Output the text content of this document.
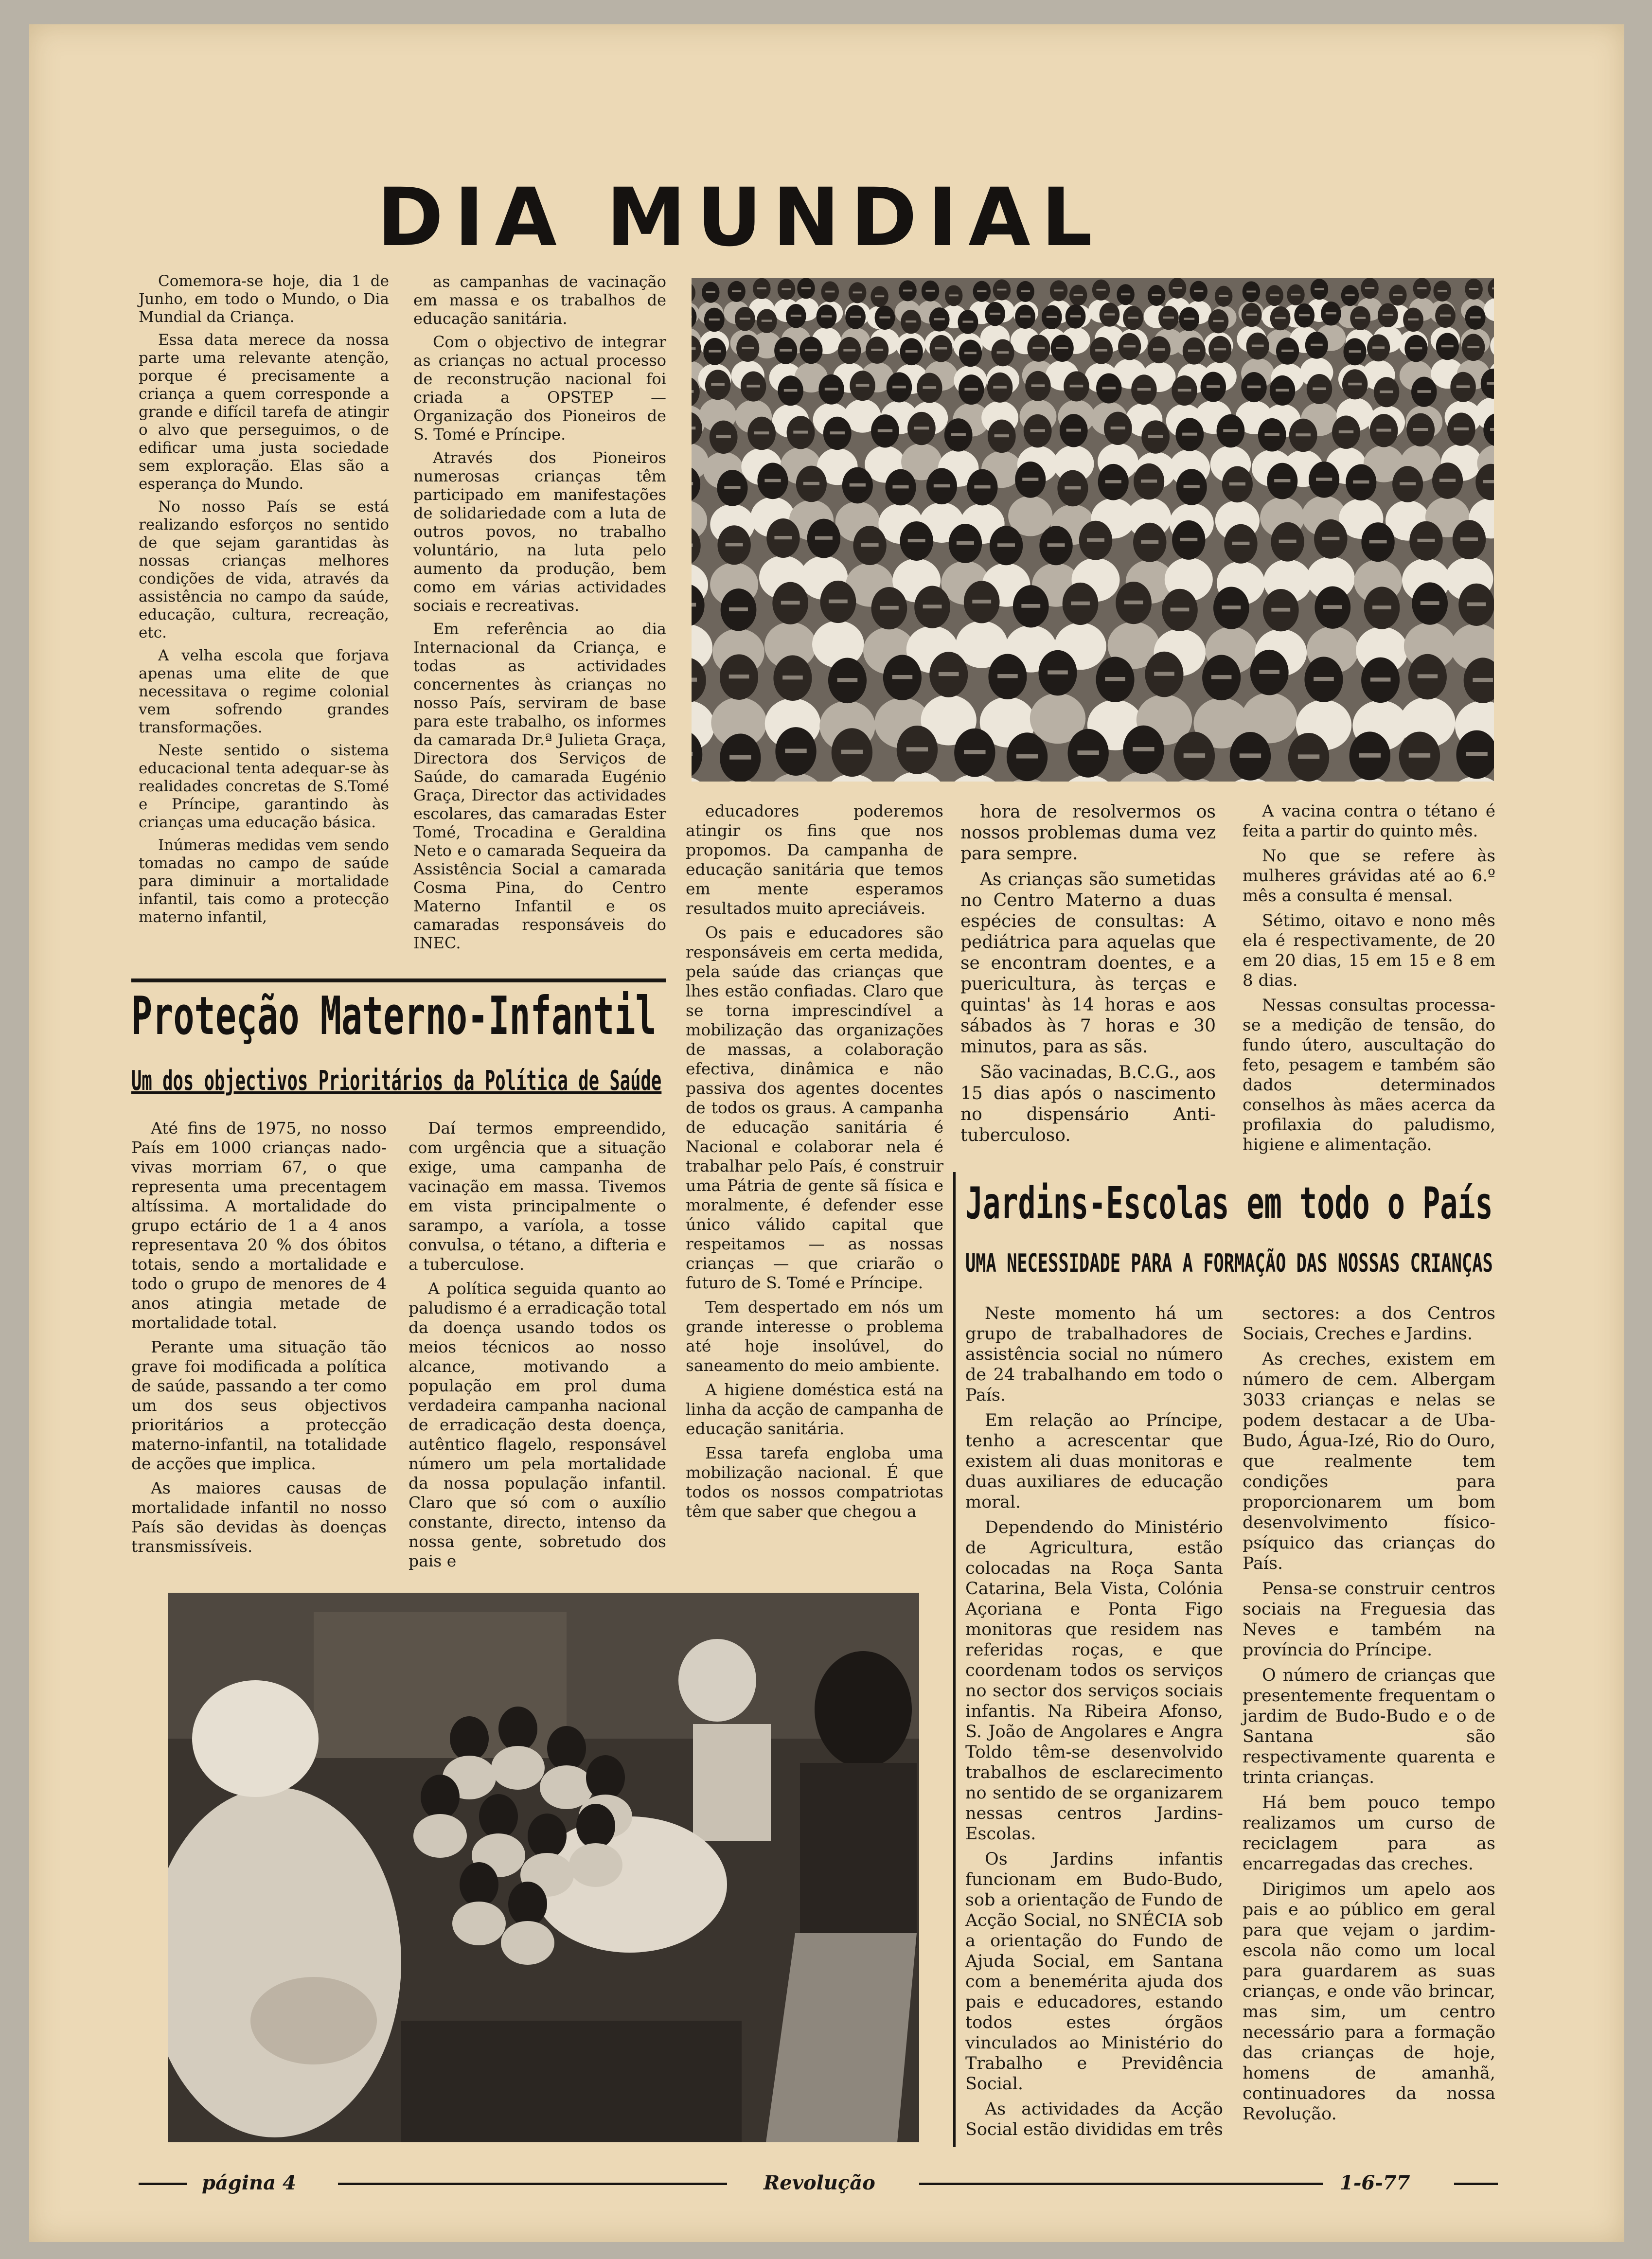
DIA MUNDIAL

Comemora-se hoje, dia 1 de Junho, em todo o Mundo, o Dia Mundial da Criança.

Essa data merece da nossa parte uma relevante atenção, porque é precisamente a criança a quem corresponde a grande e difícil tarefa de atingir o alvo que perseguimos, o de edificar uma justa sociedade sem exploração. Elas são a esperança do Mundo.

No nosso País se está realizando esforços no sentido de que sejam garantidas às nossas crianças melhores condições de vida, através da assistência no campo da saúde, educação, cultura, recreação, etc.

A velha escola que forjava apenas uma elite de que necessitava o regime colonial vem sofrendo grandes transformações.

Neste sentido o sistema educacional tenta adequar-se às realidades concretas de S.Tomé e Príncipe, garantindo às crianças uma educação básica.

Inúmeras medidas vem sendo tomadas no campo de saúde para diminuir a mortalidade infantil, tais como a protecção materno infantil,

as campanhas de vacinação em massa e os trabalhos de educação sanitária.

Com o objectivo de integrar as crianças no actual processo de reconstrução nacional foi criada a OPSTEP — Organização dos Pioneiros de S. Tomé e Príncipe.

Através dos Pioneiros numerosas crianças têm participado em manifestações de solidariedade com a luta de outros povos, no trabalho voluntário, na luta pelo aumento da produção, bem como em várias actividades sociais e recreativas.

Em referência ao dia Internacional da Criança, e todas as actividades concernentes às crianças no nosso País, serviram de base para este trabalho, os informes da camarada Dr.ª Julieta Graça, Directora dos Serviços de Saúde, do camarada Eugénio Graça, Director das actividades escolares, das camaradas Ester Tomé, Trocadina e Geraldina Neto e o camarada Sequeira da Assistência Social a camarada Cosma Pina, do Centro Materno Infantil e os camaradas responsáveis do INEC.

Proteção Materno-Infantil
Um dos objectivos Prioritários da Política de Saúde

Até fins de 1975, no nosso País em 1000 crianças nado-vivas morriam 67, o que representa uma precentagem altíssima. A mortalidade do grupo ectário de 1 a 4 anos representava 20 % dos óbitos totais, sendo a mortalidade e todo o grupo de menores de 4 anos atingia metade de mortalidade total.

Perante uma situação tão grave foi modificada a política de saúde, passando a ter como um dos seus objectivos prioritários a protecção materno-infantil, na totalidade de acções que implica.

As maiores causas de mortalidade infantil no nosso País são devidas às doenças transmissíveis.

Daí termos empreendido, com urgência que a situação exige, uma campanha de vacinação em massa. Tivemos em vista principalmente o sarampo, a varíola, a tosse convulsa, o tétano, a difteria e a tuberculose.

A política seguida quanto ao paludismo é a erradicação total da doença usando todos os meios técnicos ao nosso alcance, motivando a população em prol duma verdadeira campanha nacional de erradicação desta doença, autêntico flagelo, responsável número um pela mortalidade da nossa população infantil. Claro que só com o auxílio constante, directo, intenso da nossa gente, sobretudo dos pais e

educadores poderemos atingir os fins que nos propomos. Da campanha de educação sanitária que temos em mente esperamos resultados muito apreciáveis.

Os pais e educadores são responsáveis em certa medida, pela saúde das crianças que lhes estão confiadas. Claro que se torna imprescindível a mobilização das organizações de massas, a colaboração efectiva, dinâmica e não passiva dos agentes docentes de todos os graus. A campanha de educação sanitária é Nacional e colaborar nela é trabalhar pelo País, é construir uma Pátria de gente sã física e moralmente, é defender esse único válido capital que respeitamos — as nossas crianças — que criarão o futuro de S. Tomé e Príncipe.

Tem despertado em nós um grande interesse o problema até hoje insolúvel, do saneamento do meio ambiente.

A higiene doméstica está na linha da acção de campanha de educação sanitária.

Essa tarefa engloba uma mobilização nacional. É que todos os nossos compatriotas têm que saber que chegou a

hora de resolvermos os nossos problemas duma vez para sempre.

As crianças são sumetidas no Centro Materno a duas espécies de consultas: A pediátrica para aquelas que se encontram doentes, e a puericultura, às terças e quintas' às 14 horas e aos sábados às 7 horas e 30 minutos, para as sãs.

São vacinadas, B.C.G., aos 15 dias após o nascimento no dispensário Anti-tuberculoso.

A vacina contra o tétano é feita a partir do quinto mês.

No que se refere às mulheres grávidas até ao 6.º mês a consulta é mensal.

Sétimo, oitavo e nono mês ela é respectivamente, de 20 em 20 dias, 15 em 15 e 8 em 8 dias.

Nessas consultas processa-se a medição de tensão, do fundo útero, auscultação do feto, pesagem e também são dados determinados conselhos às mães acerca da profilaxia do paludismo, higiene e alimentação.

Jardins-Escolas em todo o País
UMA NECESSIDADE PARA A FORMAÇÃO DAS NOSSAS CRIANÇAS

Neste momento há um grupo de trabalhadores de assistência social no número de 24 trabalhando em todo o País.

Em relação ao Príncipe, tenho a acrescentar que existem ali duas monitoras e duas auxiliares de educação moral.

Dependendo do Ministério de Agricultura, estão colocadas na Roça Santa Catarina, Bela Vista, Colónia Açoriana e Ponta Figo monitoras que residem nas referidas roças, e que coordenam todos os serviços no sector dos serviços sociais infantis. Na Ribeira Afonso, S. João de Angolares e Angra Toldo têm-se desenvolvido trabalhos de esclarecimento no sentido de se organizarem nessas centros Jardins-Escolas.

Os Jardins infantis funcionam em Budo-Budo, sob a orientação de Fundo de Acção Social, no SNÉCIA sob a orientação do Fundo de Ajuda Social, em Santana com a benemérita ajuda dos pais e educadores, estando todos estes órgãos vinculados ao Ministério do Trabalho e Previdência Social.

As actividades da Acção Social estão divididas em três

sectores: a dos Centros Sociais, Creches e Jardins.

As creches, existem em número de cem. Albergam 3033 crianças e nelas se podem destacar a de Uba-Budo, Água-Izé, Rio do Ouro, que realmente tem condições para proporcionarem um bom desenvolvimento físico-psíquico das crianças do País.

Pensa-se construir centros sociais na Freguesia das Neves e também na província do Príncipe.

O número de crianças que presentemente frequentam o jardim de Budo-Budo e o de Santana são respectivamente quarenta e trinta crianças.

Há bem pouco tempo realizamos um curso de reciclagem para as encarregadas das creches.

Dirigimos um apelo aos pais e ao público em geral para que vejam o jardim-escola não como um local para guardarem as suas crianças, e onde vão brincar, mas sim, um centro necessário para a formação das crianças de hoje, homens de amanhã, continuadores da nossa Revolução.

página 4	Revolução	1-6-77
